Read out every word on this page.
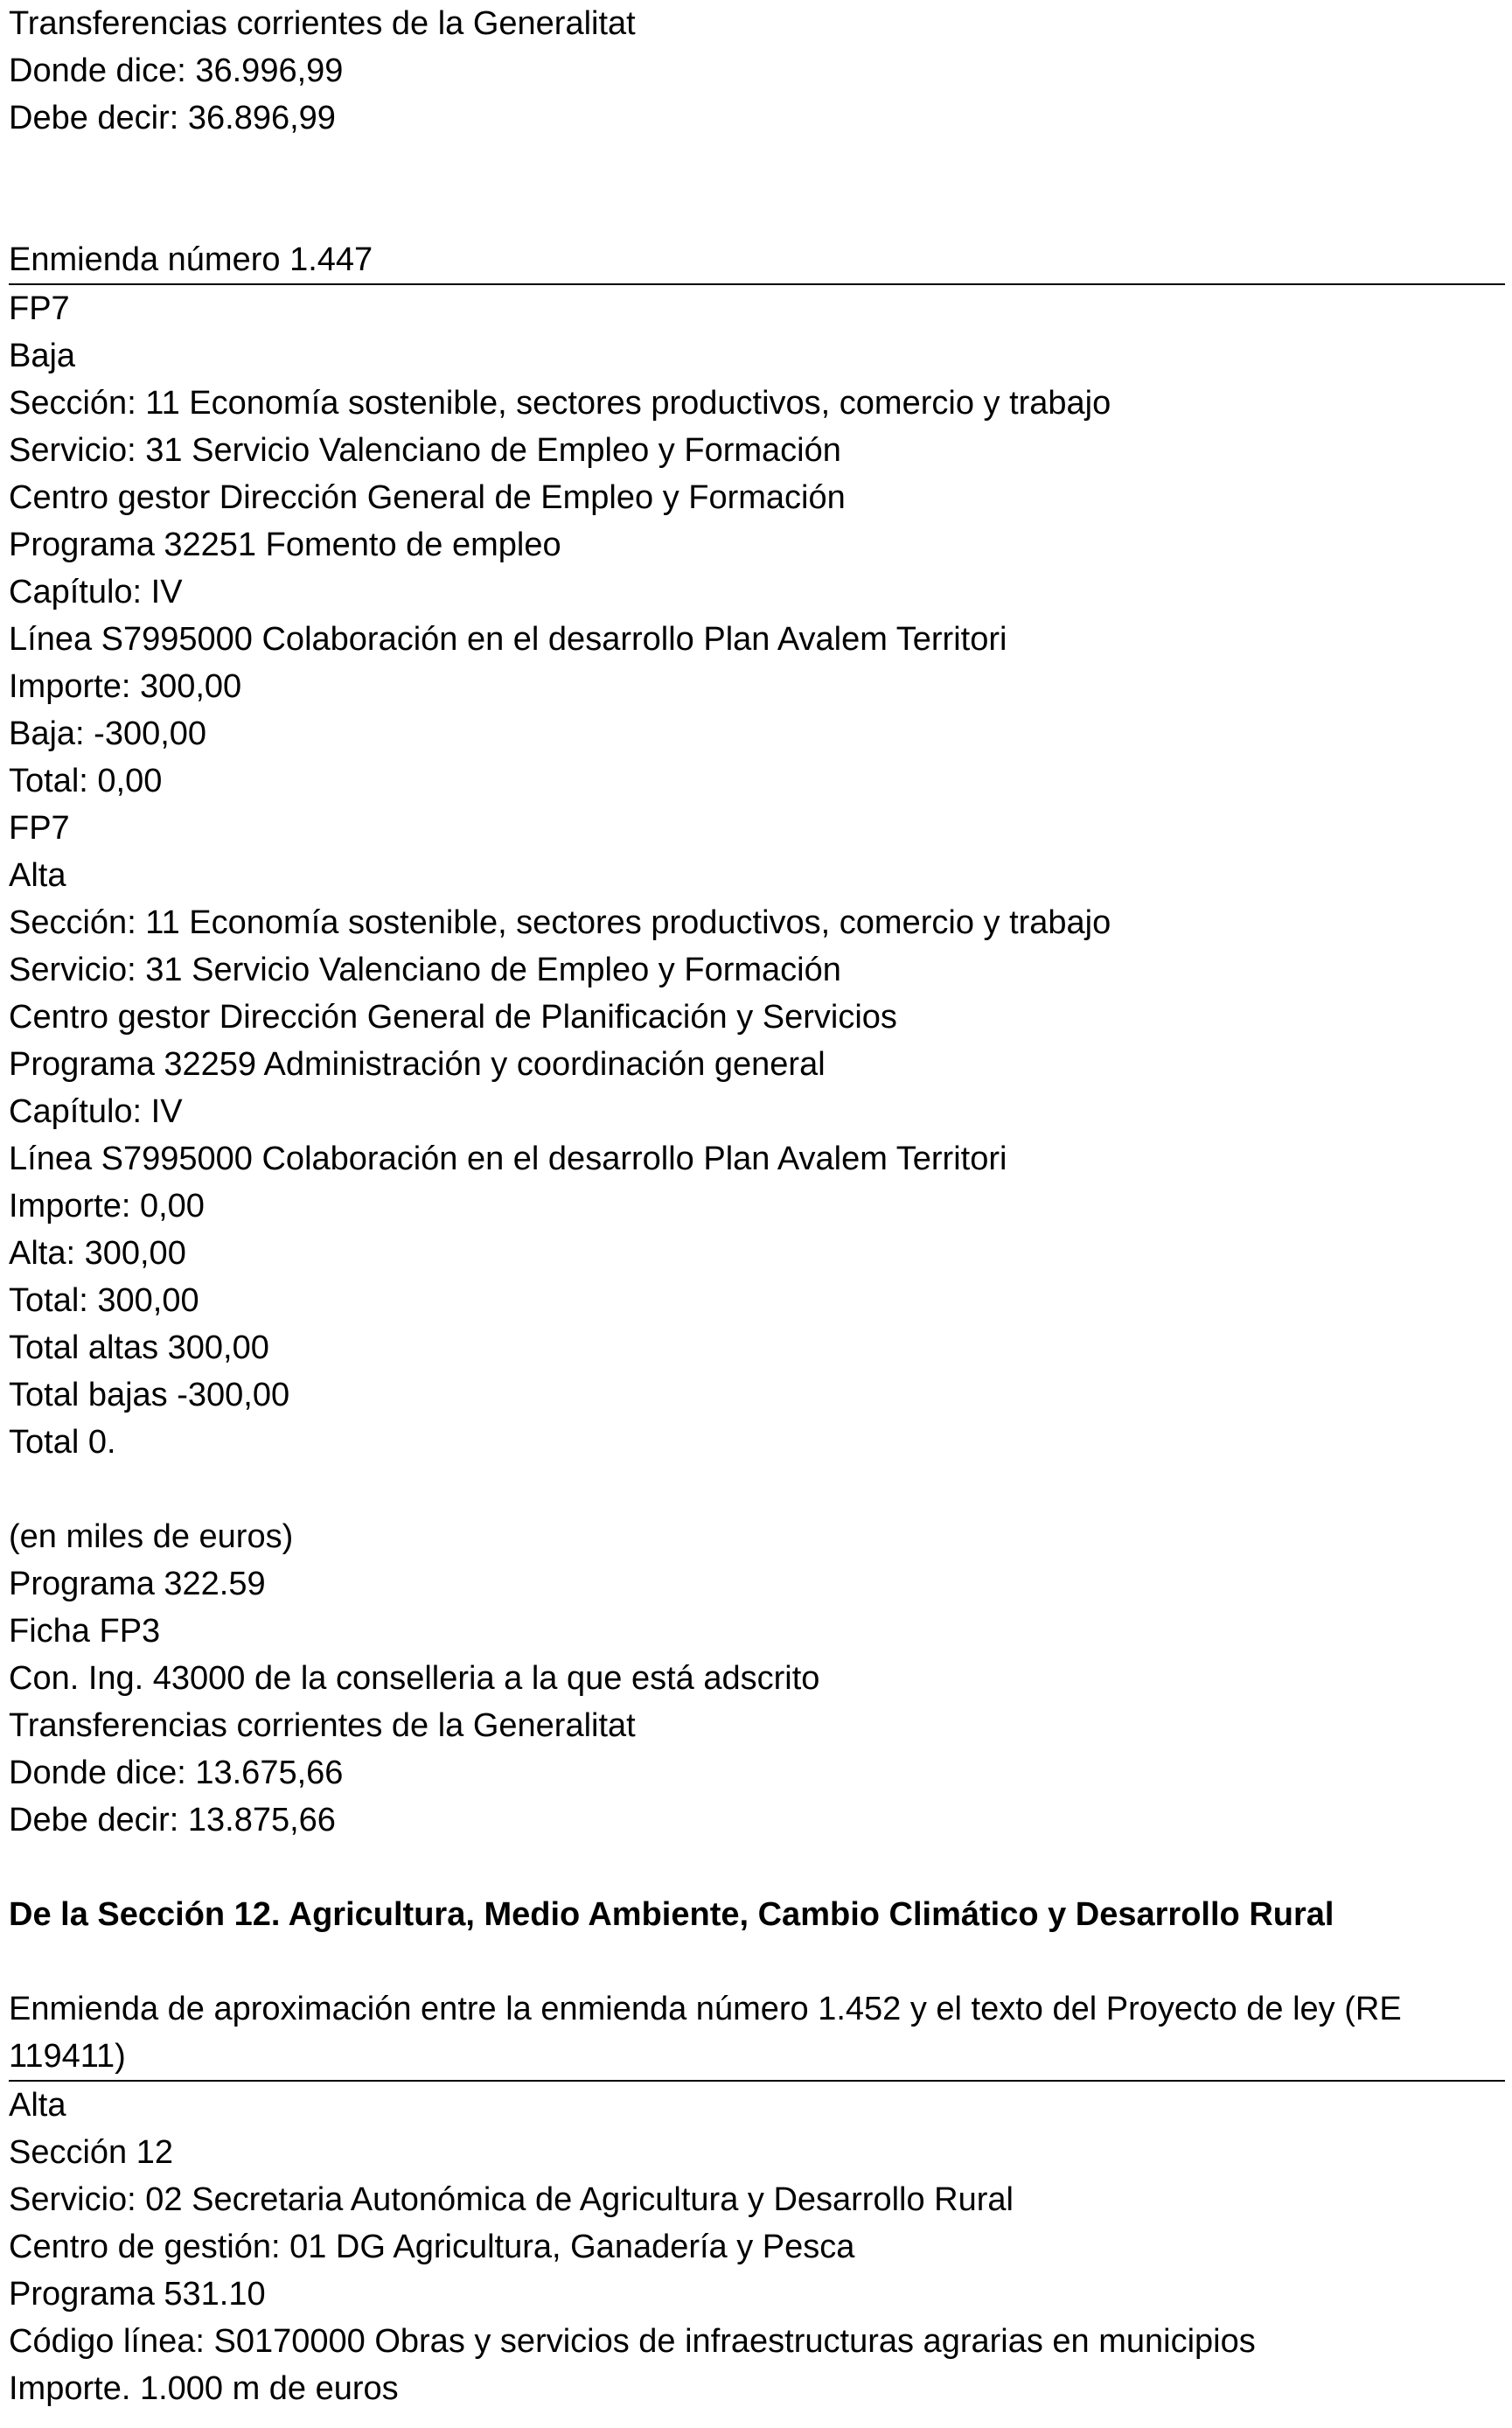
Transferencias corrientes de la Generalitat
Donde dice: 36.996,99
Debe decir: 36.896,99
Enmienda número 1.447
FP7
Baja
Sección: 11 Economía sostenible, sectores productivos, comercio y trabajo
Servicio: 31 Servicio Valenciano de Empleo y Formación
Centro gestor Dirección General de Empleo y Formación
Programa 32251 Fomento de empleo
Capítulo: IV
Línea S7995000 Colaboración en el desarrollo Plan Avalem Territori
Importe: 300,00
Baja: -300,00
Total: 0,00
FP7
Alta
Sección: 11 Economía sostenible, sectores productivos, comercio y trabajo
Servicio: 31 Servicio Valenciano de Empleo y Formación
Centro gestor Dirección General de Planificación y Servicios
Programa 32259 Administración y coordinación general
Capítulo: IV
Línea S7995000 Colaboración en el desarrollo Plan Avalem Territori
Importe: 0,00
Alta: 300,00
Total: 300,00
Total altas 300,00
Total bajas -300,00
Total 0.
(en miles de euros)
Programa 322.59
Ficha FP3
Con. Ing. 43000 de la conselleria a la que está adscrito
Transferencias corrientes de la Generalitat
Donde dice: 13.675,66
Debe decir: 13.875,66
De la Sección 12. Agricultura, Medio Ambiente, Cambio Climático y Desarrollo Rural
Enmienda de aproximación entre la enmienda número 1.452 y el texto del Proyecto de ley (RE 119411)
Alta
Sección 12
Servicio: 02 Secretaria Autonómica de Agricultura y Desarrollo Rural
Centro de gestión: 01 DG Agricultura, Ganadería y Pesca
Programa 531.10
Código línea: S0170000 Obras y servicios de infraestructuras agrarias en municipios
Importe. 1.000 m de euros
